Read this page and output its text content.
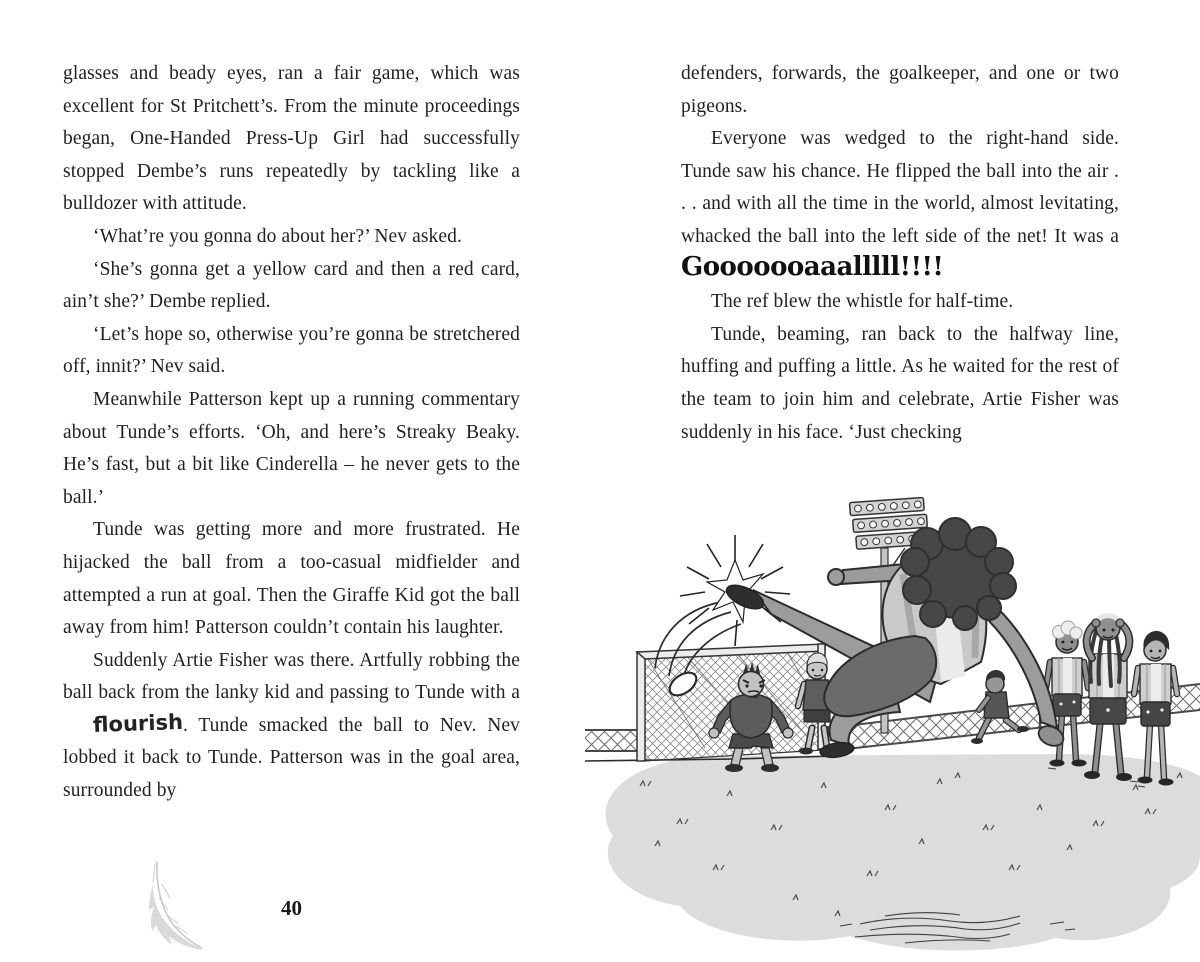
glasses and beady eyes, ran a fair game, which was excellent for St Pritchett’s. From the minute proceedings began, One-Handed Press-Up Girl had successfully stopped Dembe’s runs repeatedly by tackling like a bulldozer with attitude.

‘What’re you gonna do about her?’ Nev asked.

‘She’s gonna get a yellow card and then a red card, ain’t she?’ Dembe replied.

‘Let’s hope so, otherwise you’re gonna be stretchered off, innit?’ Nev said.

Meanwhile Patterson kept up a running commentary about Tunde’s efforts. ‘Oh, and here’s Streaky Beaky. He’s fast, but a bit like Cinderella – he never gets to the ball.’

Tunde was getting more and more frustrated. He hijacked the ball from a too-casual midfielder and attempted a run at goal. Then the Giraffe Kid got the ball away from him! Patterson couldn’t contain his laughter.

Suddenly Artie Fisher was there. Artfully robbing the ball back from the lanky kid and passing to Tunde with a flourish. Tunde smacked the ball to Nev. Nev lobbed it back to Tunde. Patterson was in the goal area, surrounded by

defenders, forwards, the goalkeeper, and one or two pigeons.

Everyone was wedged to the right-hand side. Tunde saw his chance. He flipped the ball into the air . . . and with all the time in the world, almost levitating, whacked the ball into the left side of the net! It was a Gooooooaaalllll!!!!

The ref blew the whistle for half-time.

Tunde, beaming, ran back to the halfway line, huffing and puffing a little. As he waited for the rest of the team to join him and celebrate, Artie Fisher was suddenly in his face. ‘Just checking

40
